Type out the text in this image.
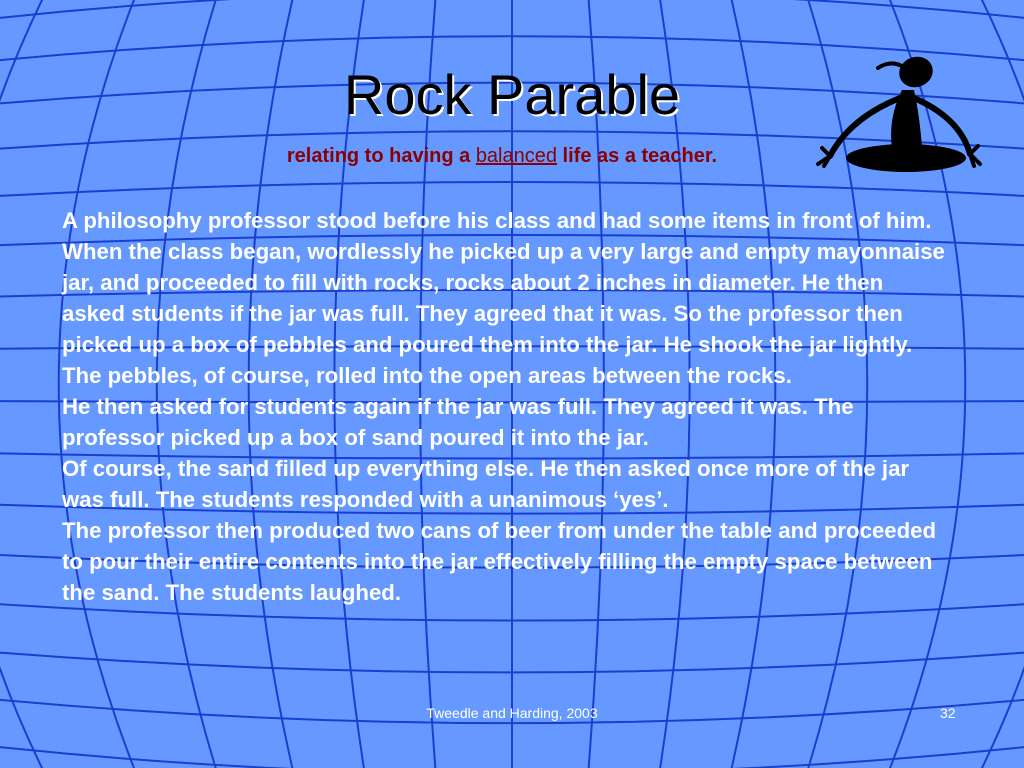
Rock Parable
relating to having a balanced life as a teacher.

A philosophy professor stood before his class and had some items in front of him. When the class began, wordlessly he picked up a very large and empty mayonnaise jar, and proceeded to fill with rocks, rocks about 2 inches in diameter. He then asked students if the jar was full. They agreed that it was. So the professor then picked up a box of pebbles and poured them into the jar. He shook the jar lightly. The pebbles, of course, rolled into the open areas between the rocks.

He then asked for students again if the jar was full. They agreed it was. The professor picked up a box of sand poured it into the jar.

Of course, the sand filled up everything else. He then asked once more of the jar was full. The students responded with a unanimous ‘yes’.

The professor then produced two cans of beer from under the table and proceeded to pour their entire contents into the jar effectively filling the empty space between the sand. The students laughed.

Tweedle and Harding, 2003	32
